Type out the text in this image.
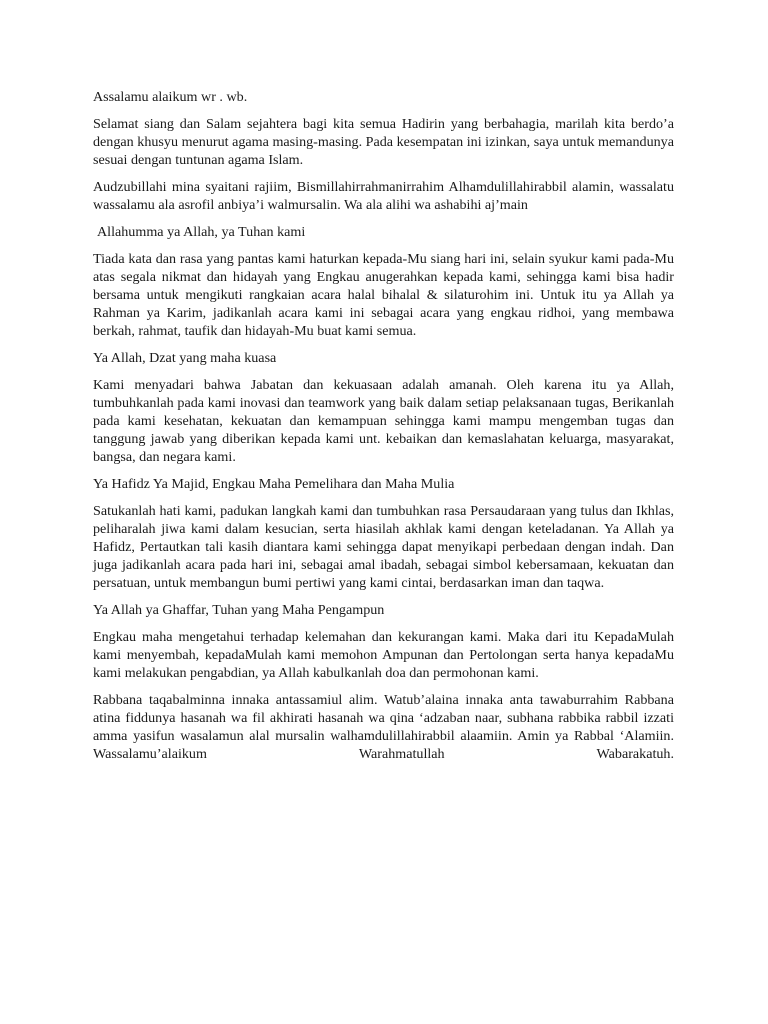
Assalamu alaikum wr . wb.

Selamat siang dan Salam sejahtera bagi kita semua Hadirin yang berbahagia, marilah kita berdo’a dengan khusyu menurut agama masing-masing. Pada kesempatan ini izinkan, saya untuk memandunya sesuai dengan tuntunan agama Islam.

Audzubillahi mina syaitani rajiim, Bismillahirrahmanirrahim Alhamdulillahirabbil alamin, wassalatu wassalamu ala asrofil anbiya’i walmursalin. Wa ala alihi wa ashabihi aj’main

Allahumma ya Allah, ya Tuhan kami

Tiada kata dan rasa yang pantas kami haturkan kepada-Mu siang hari ini, selain syukur kami pada-Mu atas segala nikmat dan hidayah yang Engkau anugerahkan kepada kami, sehingga kami bisa hadir bersama untuk mengikuti rangkaian acara halal bihalal & silaturohim ini. Untuk itu ya Allah ya Rahman ya Karim, jadikanlah acara kami ini sebagai acara yang engkau ridhoi, yang membawa berkah, rahmat, taufik dan hidayah-Mu buat kami semua.

Ya Allah, Dzat yang maha kuasa

Kami menyadari bahwa Jabatan dan kekuasaan adalah amanah. Oleh karena itu ya Allah, tumbuhkanlah pada kami inovasi dan teamwork yang baik dalam setiap pelaksanaan tugas, Berikanlah pada kami kesehatan, kekuatan dan kemampuan sehingga kami mampu mengemban tugas dan tanggung jawab yang diberikan kepada kami unt. kebaikan dan kemaslahatan keluarga, masyarakat, bangsa, dan negara kami.

Ya Hafidz Ya Majid, Engkau Maha Pemelihara dan Maha Mulia

Satukanlah hati kami, padukan langkah kami dan tumbuhkan rasa Persaudaraan yang tulus dan Ikhlas, peliharalah jiwa kami dalam kesucian, serta hiasilah akhlak kami dengan keteladanan. Ya Allah ya Hafidz, Pertautkan tali kasih diantara kami sehingga dapat menyikapi perbedaan dengan indah. Dan juga jadikanlah acara pada hari ini, sebagai amal ibadah, sebagai simbol kebersamaan, kekuatan dan persatuan, untuk membangun bumi pertiwi yang kami cintai, berdasarkan iman dan taqwa.

Ya Allah ya Ghaffar, Tuhan yang Maha Pengampun

Engkau maha mengetahui terhadap kelemahan dan kekurangan kami. Maka dari itu KepadaMulah kami menyembah, kepadaMulah kami memohon Ampunan dan Pertolongan serta hanya kepadaMu kami melakukan pengabdian, ya Allah kabulkanlah doa dan permohonan kami.

Rabbana taqabalminna innaka antassamiul alim. Watub’alaina innaka anta tawaburrahim Rabbana atina fiddunya hasanah wa fil akhirati hasanah wa qina ‘adzaban naar, subhana rabbika rabbil izzati amma yasifun wasalamun alal mursalin walhamdulillahirabbil alaamiin. Amin ya Rabbal ‘Alamiin. Wassalamu’alaikum Warahmatullah Wabarakatuh.
